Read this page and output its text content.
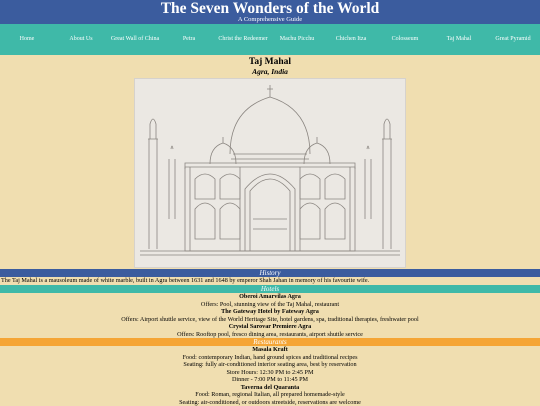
The Seven Wonders of the World
A Comprehensive Guide
Home	About Us	Great Wall of China	Petra	Christ the Redeemer	Machu Picchu	Chichen Itza	Colosseum	Taj Mahal	Great Pyramid
Taj Mahal
Agra, India
History
The Taj Mahal is a mausoleum made of white marble, built in Agra between 1631 and 1648 by emperor Shah Jahan in memory of his favourite wife.
Hotels
Oberoi Amarvilas Agra
Offers: Pool, stunning view of the Taj Mahal, restaurant
The Gateway Hotel by Fateway Agra
Offers: Airport shuttle service, view of the World Heritage Site, hotel gardens, spa, traditional therapies, freshwater pool
Crystal Sarovar Premiere Agra
Offers: Rooftop pool, fresco dining area, restaurants, airport shuttle service
Restaurants
Masala Kraft
Food: contemporary Indian, hand ground spices and traditional recipes
Seating: fully air-conditioned interior seating area, best by reservation
Store Hours: 12:30 PM to 2:45 PM
Dinner - 7:00 PM to 11:45 PM
Taverna del Quaranta
Food: Roman, regional Italian, all prepared homemade-style
Seating: air-conditioned, or outdoors streetside, reservations are welcome
